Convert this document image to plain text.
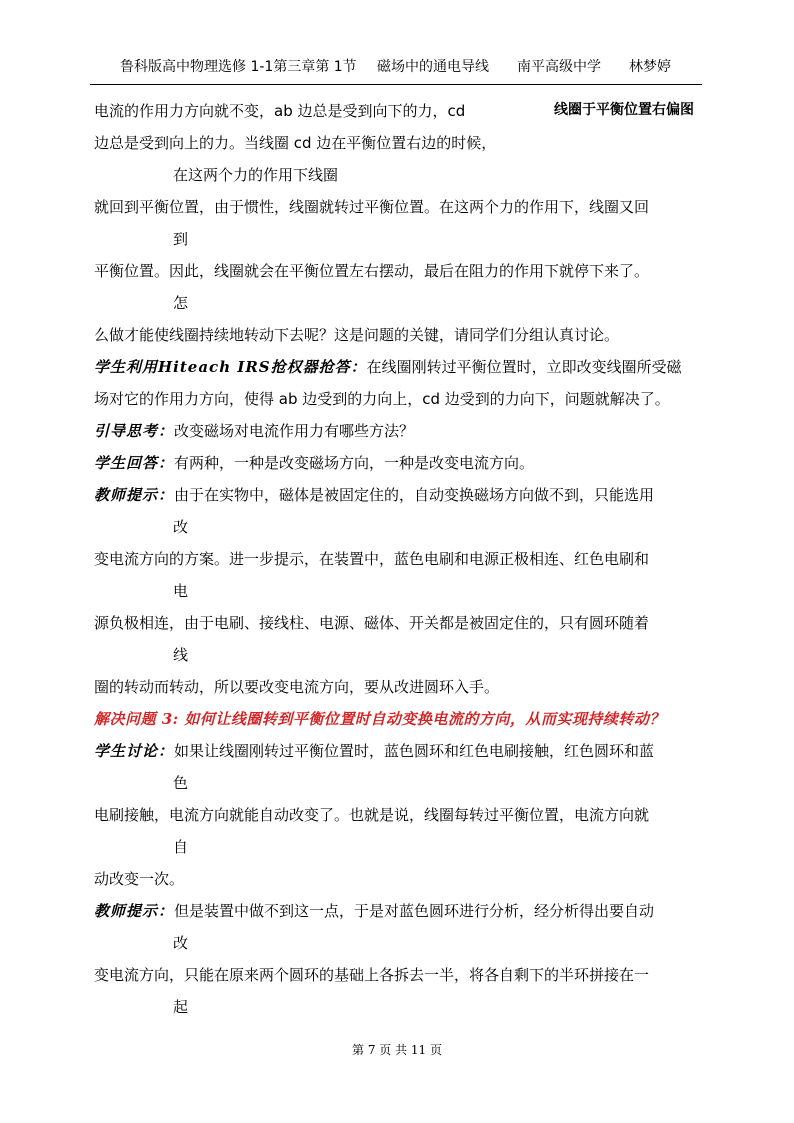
鲁科版高中物理选修 1-1第三章第 1节 磁场中的通电导线 南平高级中学 林梦婷
线圈于平衡位置右偏图
电流的作用力方向就不变，ab 边总是受到向下的力，cd
边总是受到向上的力。当线圈 cd 边在平衡位置右边的时候，
在这两个力的作用下线圈
就回到平衡位置，由于惯性，线圈就转过平衡位置。在这两个力的作用下，线圈又回
到
平衡位置。因此，线圈就会在平衡位置左右摆动，最后在阻力的作用下就停下来了。
怎
么做才能使线圈持续地转动下去呢？这是问题的关键，请同学们分组认真讨论。
学生利用Hiteach IRS抢权器抢答：在线圈刚转过平衡位置时，立即改变线圈所受磁
场对它的作用力方向，使得 ab 边受到的力向上，cd 边受到的力向下，问题就解决了。
引导思考：改变磁场对电流作用力有哪些方法？
学生回答：有两种，一种是改变磁场方向，一种是改变电流方向。
教师提示：由于在实物中，磁体是被固定住的，自动变换磁场方向做不到，只能选用
改
变电流方向的方案。进一步提示，在装置中，蓝色电刷和电源正极相连、红色电刷和
电
源负极相连，由于电刷、接线柱、电源、磁体、开关都是被固定住的，只有圆环随着
线
圈的转动而转动，所以要改变电流方向，要从改进圆环入手。
解决问题 3: 如何让线圈转到平衡位置时自动变换电流的方向，从而实现持续转动？
学生讨论：如果让线圈刚转过平衡位置时，蓝色圆环和红色电刷接触，红色圆环和蓝
色
电刷接触，电流方向就能自动改变了。也就是说，线圈每转过平衡位置，电流方向就
自
动改变一次。
教师提示：但是装置中做不到这一点，于是对蓝色圆环进行分析，经分析得出要自动
改
变电流方向，只能在原来两个圆环的基础上各拆去一半，将各自剩下的半环拼接在一
起
第 7 页 共 11 页
